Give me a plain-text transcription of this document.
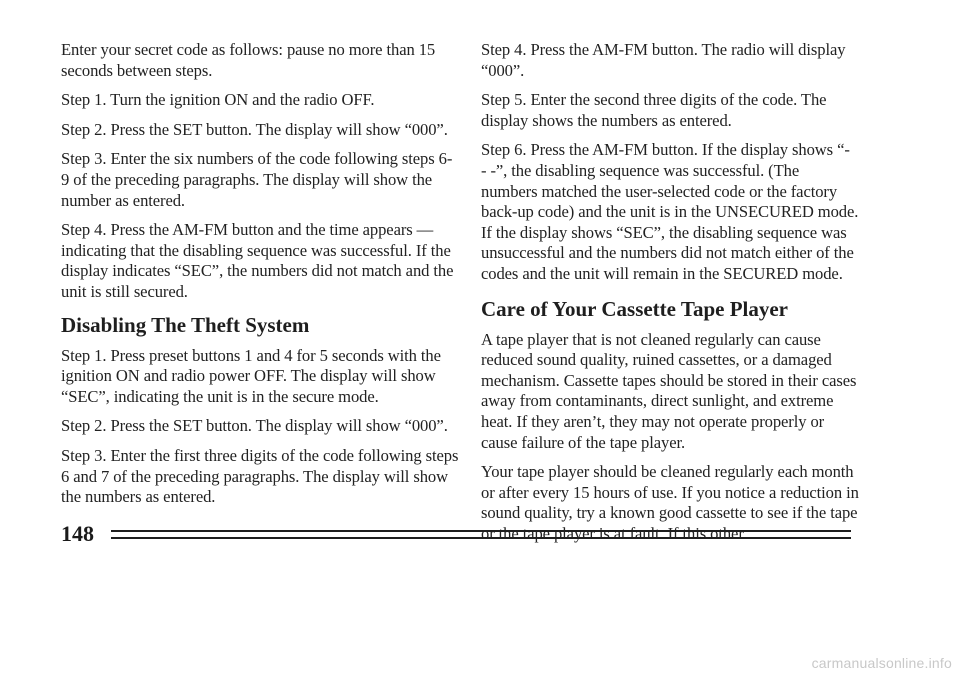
Enter your secret code as follows: pause no more than 15 seconds between steps.

Step 1. Turn the ignition ON and the radio OFF.

Step 2. Press the SET button. The display will show “000”.

Step 3. Enter the six numbers of the code following steps 6-9 of the preceding paragraphs. The display will show the number as entered.

Step 4. Press the AM-FM button and the time appears — indicating that the disabling sequence was successful. If the display indicates “SEC”, the numbers did not match and the unit is still secured.

Disabling The Theft System

Step 1. Press preset buttons 1 and 4 for 5 seconds with the ignition ON and radio power OFF. The display will show “SEC”, indicating the unit is in the secure mode.

Step 2. Press the SET button. The display will show “000”.

Step 3. Enter the first three digits of the code following steps 6 and 7 of the preceding paragraphs. The display will show the numbers as entered.

Step 4. Press the AM-FM button. The radio will display “000”.

Step 5. Enter the second three digits of the code. The display shows the numbers as entered.

Step 6. Press the AM-FM button. If the display shows “- - -”, the disabling sequence was successful. (The numbers matched the user-selected code or the factory back-up code) and the unit is in the UNSECURED mode. If the display shows “SEC”, the disabling sequence was unsuccessful and the numbers did not match either of the codes and the unit will remain in the SECURED mode.

Care of Your Cassette Tape Player

A tape player that is not cleaned regularly can cause reduced sound quality, ruined cassettes, or a damaged mechanism. Cassette tapes should be stored in their cases away from contaminants, direct sunlight, and extreme heat. If they aren’t, they may not operate properly or cause failure of the tape player.

Your tape player should be cleaned regularly each month or after every 15 hours of use. If you notice a reduction in sound quality, try a known good cassette to see if the tape or the tape player is at fault. If this other

148
carmanualsonline.info
